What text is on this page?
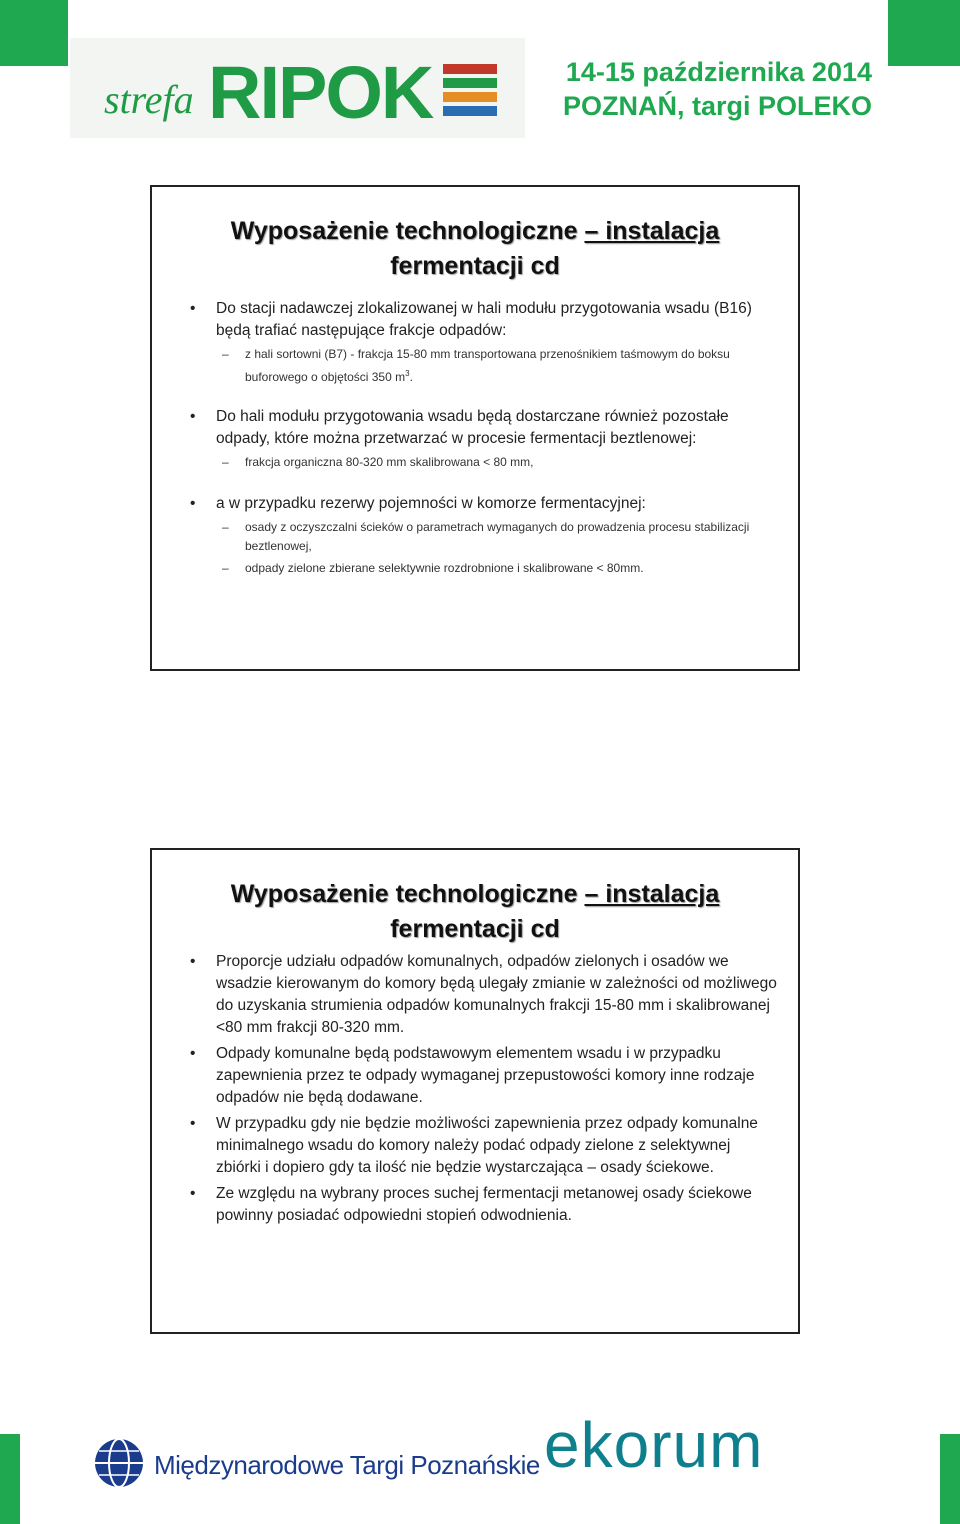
strefa RIPOK	14-15 października 2014
POZNAŃ, targi POLEKO
Wyposażenie technologiczne – instalacja
fermentacji cd
• Do stacji nadawczej zlokalizowanej w hali modułu przygotowania wsadu (B16) będą trafiać następujące frakcje odpadów:
– z hali sortowni (B7) - frakcja 15-80 mm transportowana przenośnikiem taśmowym do boksu buforowego o objętości 350 $m^3$.
• Do hali modułu przygotowania wsadu będą dostarczane również pozostałe odpady, które można przetwarzać w procesie fermentacji beztlenowej:
– frakcja organiczna 80-320 mm skalibrowana < 80 mm,
• a w przypadku rezerwy pojemności w komorze fermentacyjnej:
– osady z oczyszczalni ścieków o parametrach wymaganych do prowadzenia procesu stabilizacji beztlenowej,
– odpady zielone zbierane selektywnie rozdrobnione i skalibrowane < 80mm.
Wyposażenie technologiczne – instalacja
fermentacji cd
• Proporcje udziału odpadów komunalnych, odpadów zielonych i osadów we wsadzie kierowanym do komory będą ulegały zmianie w zależności od możliwego do uzyskania strumienia odpadów komunalnych frakcji 15-80 mm i skalibrowanej <80 mm frakcji 80-320 mm.
• Odpady komunalne będą podstawowym elementem wsadu i w przypadku zapewnienia przez te odpady wymaganej przepustowości komory inne rodzaje odpadów nie będą dodawane.
• W przypadku gdy nie będzie możliwości zapewnienia przez odpady komunalne minimalnego wsadu do komory należy podać odpady zielone z selektywnej zbiórki i dopiero gdy ta ilość nie będzie wystarczająca – osady ściekowe.
• Ze względu na wybrany proces suchej fermentacji metanowej osady ściekowe powinny posiadać odpowiedni stopień odwodnienia.
Międzynarodowe Targi Poznańskie ekorum
